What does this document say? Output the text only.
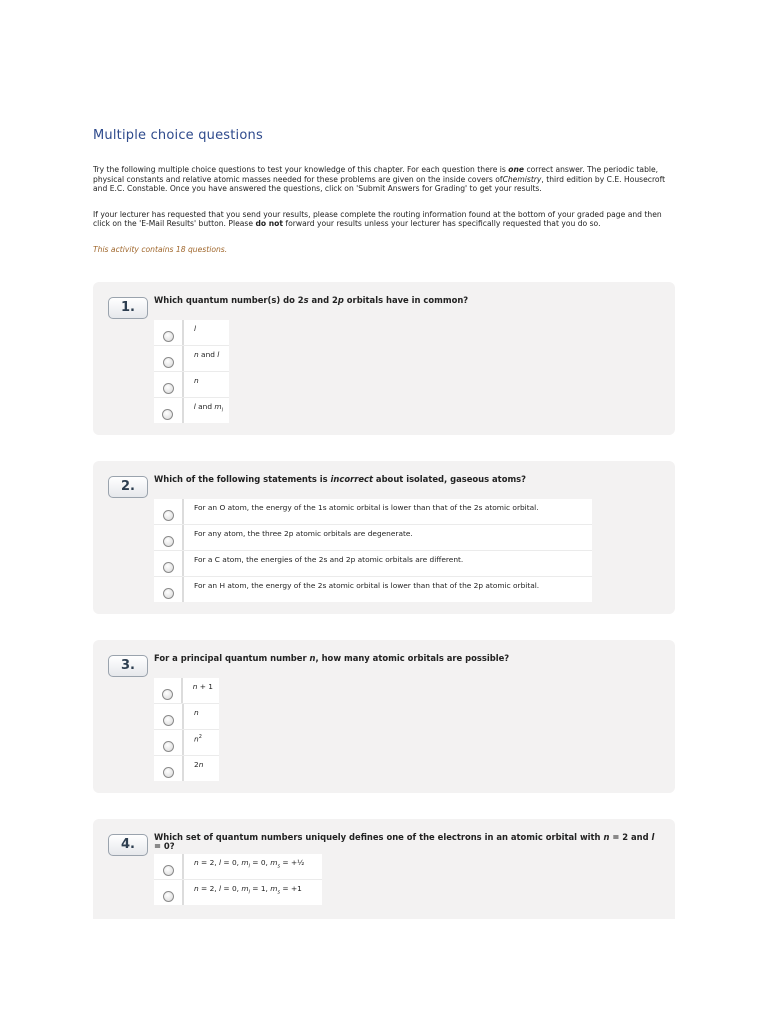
Multiple choice questions

Try the following multiple choice questions to test your knowledge of this chapter. For each question there is one correct answer. The periodic table, physical constants and relative atomic masses needed for these problems are given on the inside covers ofChemistry, third edition by C.E. Housecroft and E.C. Constable. Once you have answered the questions, click on 'Submit Answers for Grading' to get your results.

If your lecturer has requested that you send your results, please complete the routing information found at the bottom of your graded page and then click on the 'E-Mail Results' button. Please do not forward your results unless your lecturer has specifically requested that you do so.

This activity contains 18 questions.

1.	Which quantum number(s) do 2s and 2p orbitals have in common?
l
n and l
n
l and $m_l$
2.	Which of the following statements is incorrect about isolated, gaseous atoms?
For an O atom, the energy of the 1s atomic orbital is lower than that of the 2s atomic orbital.
For any atom, the three 2p atomic orbitals are degenerate.
For a C atom, the energies of the 2s and 2p atomic orbitals are different.
For an H atom, the energy of the 2s atomic orbital is lower than that of the 2p atomic orbital.
3.	For a principal quantum number n, how many atomic orbitals are possible?
n + 1
n
$n^2$
2n
4.	Which set of quantum numbers uniquely defines one of the electrons in an atomic orbital with n = 2 and l = 0?
n = 2, l = 0, $m_l = 0$, $m_s$ = +½
n = 2, l = 0, $m_l = 1$, $m_s = +1$
